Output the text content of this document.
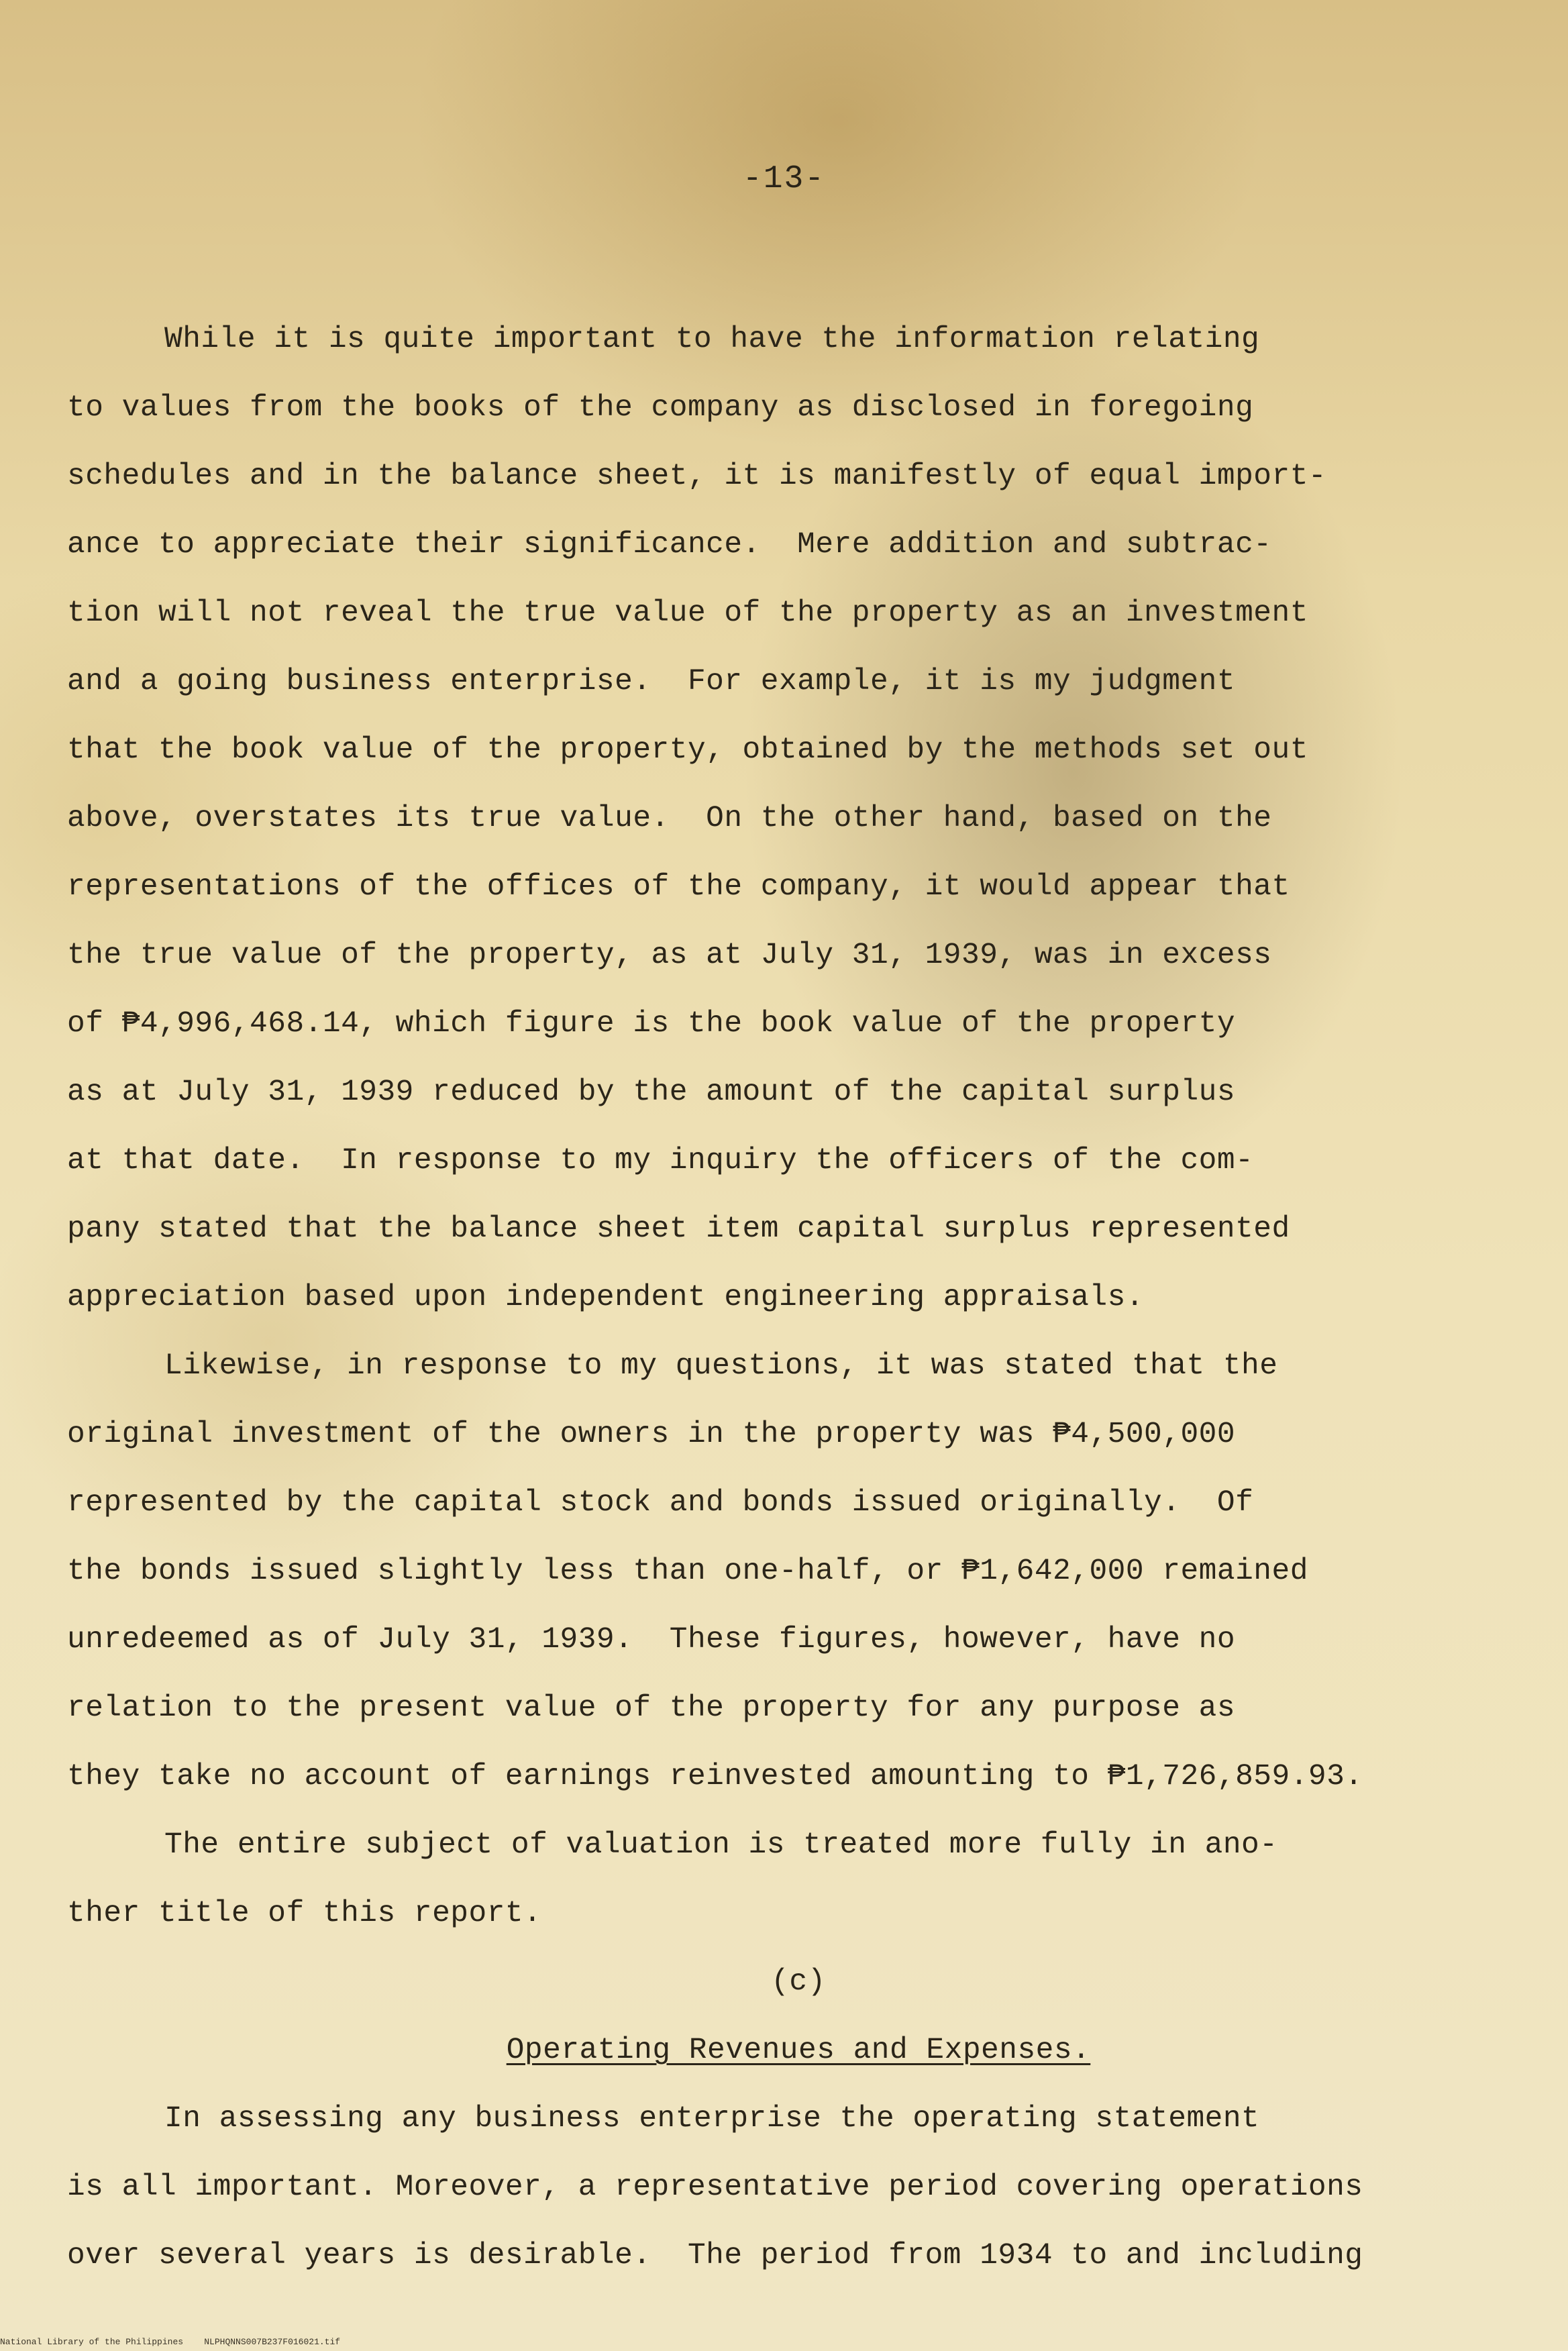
-13-
While it is quite important to have the information relating
to values from the books of the company as disclosed in foregoing
schedules and in the balance sheet, it is manifestly of equal import-
ance to appreciate their significance.  Mere addition and subtrac-
tion will not reveal the true value of the property as an investment
and a going business enterprise.  For example, it is my judgment
that the book value of the property, obtained by the methods set out
above, overstates its true value.  On the other hand, based on the
representations of the offices of the company, it would appear that
the true value of the property, as at July 31, 1939, was in excess
of ₱4,996,468.14, which figure is the book value of the property
as at July 31, 1939 reduced by the amount of the capital surplus
at that date.  In response to my inquiry the officers of the com-
pany stated that the balance sheet item capital surplus represented
appreciation based upon independent engineering appraisals.
Likewise, in response to my questions, it was stated that the
original investment of the owners in the property was ₱4,500,000
represented by the capital stock and bonds issued originally.  Of
the bonds issued slightly less than one-half, or ₱1,642,000 remained
unredeemed as of July 31, 1939.  These figures, however, have no
relation to the present value of the property for any purpose as
they take no account of earnings reinvested amounting to ₱1,726,859.93.
The entire subject of valuation is treated more fully in ano-
ther title of this report.
(c)
Operating Revenues and Expenses.
In assessing any business enterprise the operating statement
is all important. Moreover, a representative period covering operations
over several years is desirable.  The period from 1934 to and including
National Library of the Philippines    NLPHQNNS007B237F016021.tif
